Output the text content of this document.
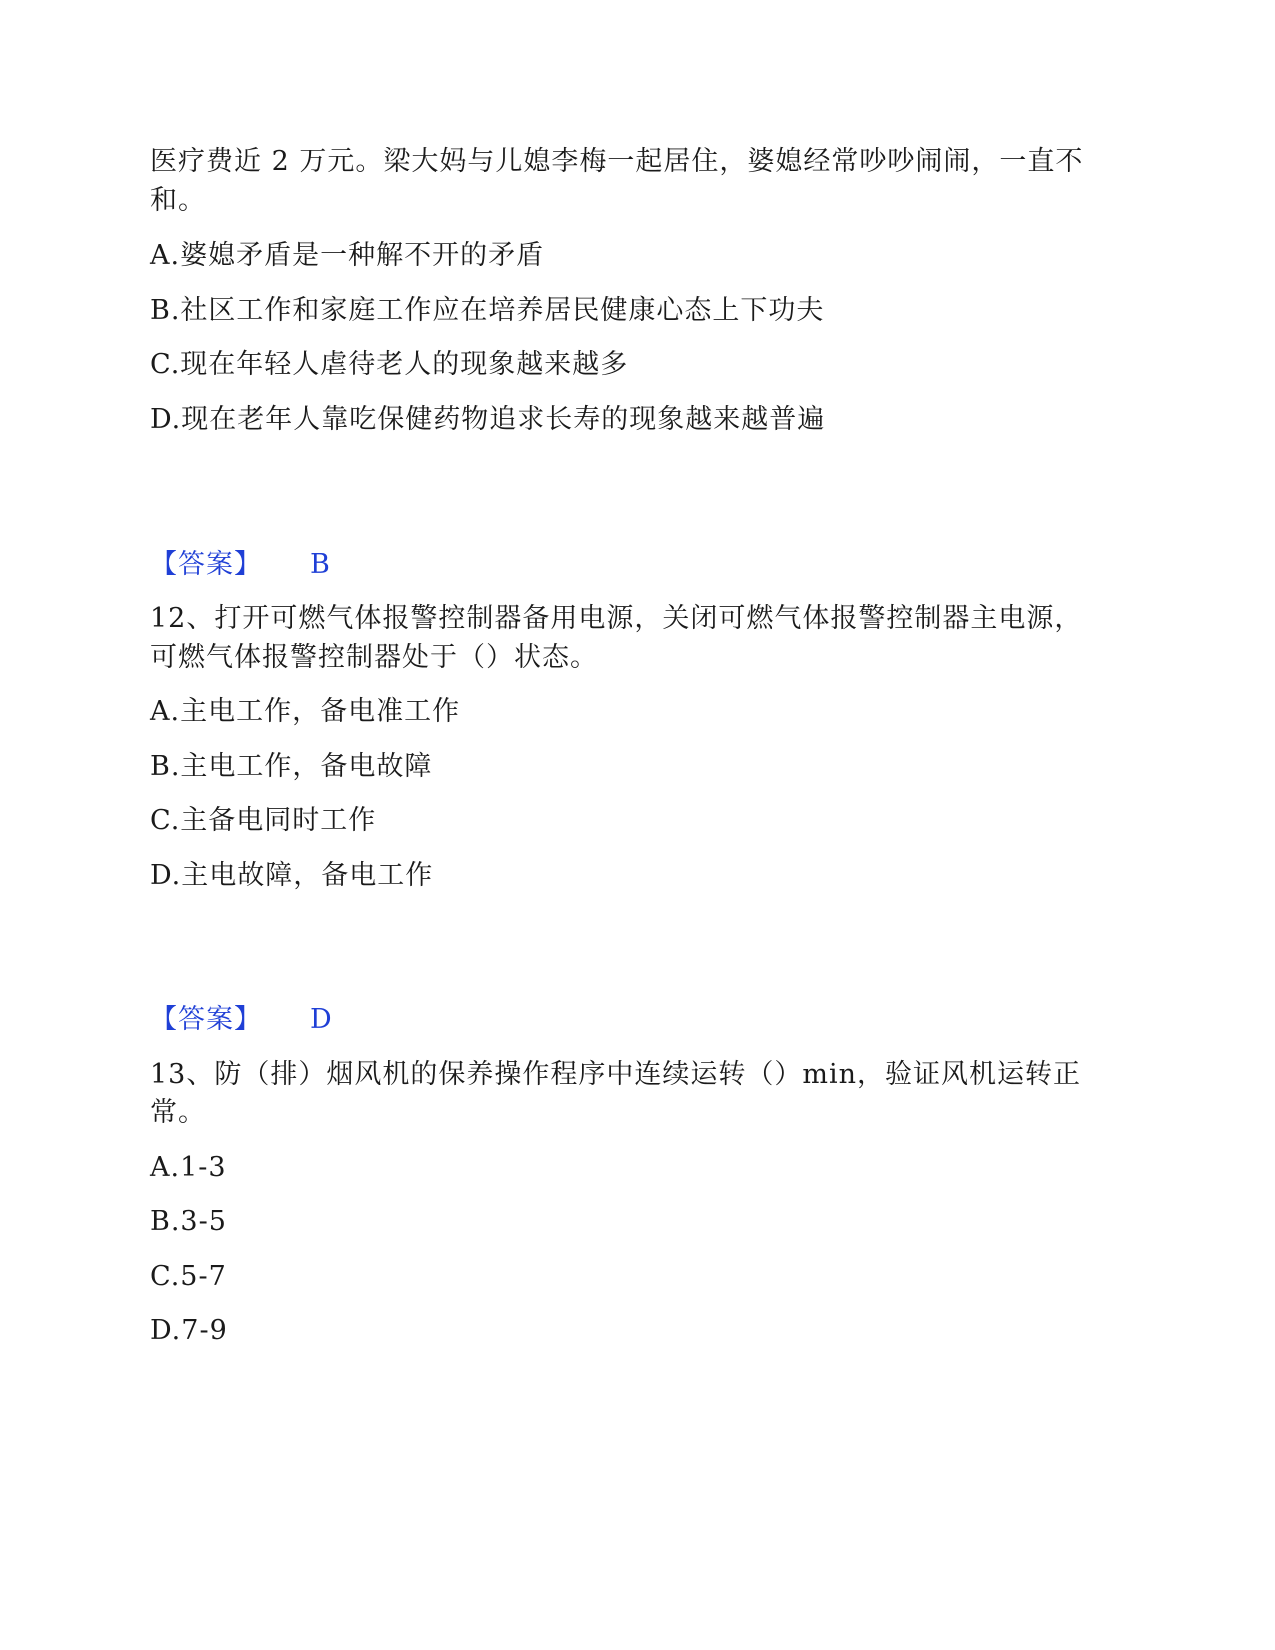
医疗费近 2 万元。梁大妈与儿媳李梅一起居住，婆媳经常吵吵闹闹，一直不
和。
A.婆媳矛盾是一种解不开的矛盾
B.社区工作和家庭工作应在培养居民健康心态上下功夫
C.现在年轻人虐待老人的现象越来越多
D.现在老年人靠吃保健药物追求长寿的现象越来越普遍
【答案】 B
12、打开可燃气体报警控制器备用电源，关闭可燃气体报警控制器主电源，
可燃气体报警控制器处于（）状态。
A.主电工作，备电准工作
B.主电工作，备电故障
C.主备电同时工作
D.主电故障，备电工作
【答案】 D
13、防（排）烟风机的保养操作程序中连续运转（）min，验证风机运转正
常。
A.1-3
B.3-5
C.5-7
D.7-9
